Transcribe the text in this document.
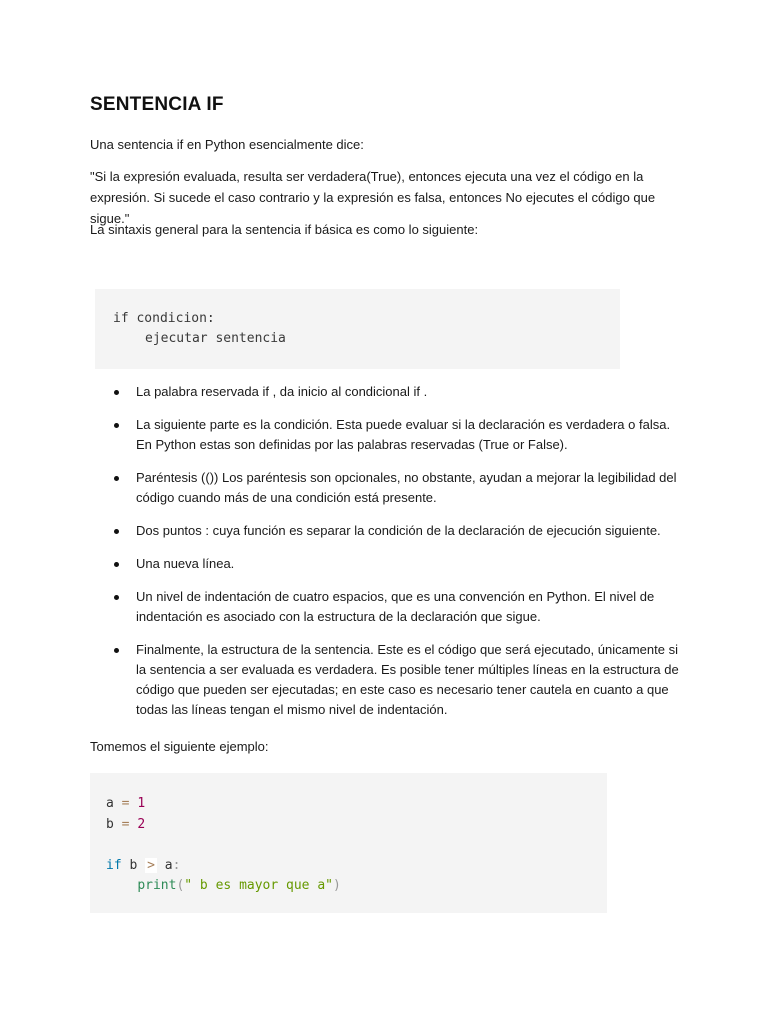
SENTENCIA IF

Una sentencia if en Python esencialmente dice:

"Si la expresión evaluada, resulta ser verdadera(True), entonces ejecuta una vez el código en la expresión. Si sucede el caso contrario y la expresión es falsa, entonces No ejecutes el código que sigue."

La sintaxis general para la sentencia if básica es como lo siguiente:

if condicion:
ejecutar sentencia
La palabra reservada if , da inicio al condicional if .
La siguiente parte es la condición. Esta puede evaluar si la declaración es verdadera o falsa. En Python estas son definidas por las palabras reservadas (True or False).
Paréntesis (()) Los paréntesis son opcionales, no obstante, ayudan a mejorar la legibilidad del código cuando más de una condición está presente.
Dos puntos : cuya función es separar la condición de la declaración de ejecución siguiente.
Una nueva línea.
Un nivel de indentación de cuatro espacios, que es una convención en Python. El nivel de indentación es asociado con la estructura de la declaración que sigue.
Finalmente, la estructura de la sentencia. Este es el código que será ejecutado, únicamente si la sentencia a ser evaluada es verdadera. Es posible tener múltiples líneas en la estructura de código que pueden ser ejecutadas; en este caso es necesario tener cautela en cuanto a que todas las líneas tengan el mismo nivel de indentación.

Tomemos el siguiente ejemplo:

a = 1
b = 2
if b > a:
print(" b es mayor que a")
